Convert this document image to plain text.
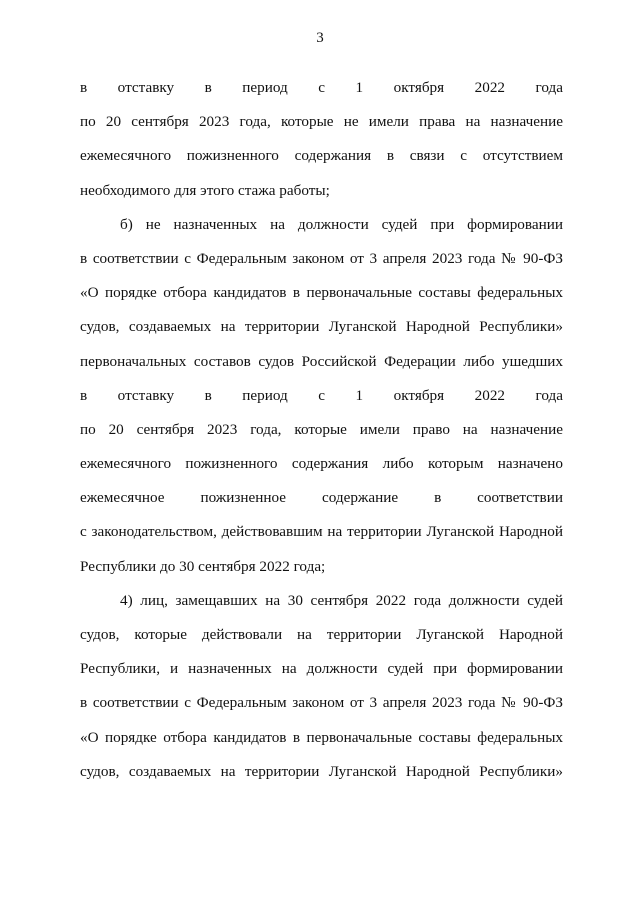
3
в отставку в период с 1 октября 2022 года
по 20 сентября 2023 года, которые не имели права на назначение
ежемесячного пожизненного содержания в связи с отсутствием
необходимого для этого стажа работы;
б) не назначенных на должности судей при формировании
в соответствии с Федеральным законом от 3 апреля 2023 года № 90-ФЗ
«О порядке отбора кандидатов в первоначальные составы федеральных
судов, создаваемых на территории Луганской Народной Республики»
первоначальных составов судов Российской Федерации либо ушедших
в отставку в период с 1 октября 2022 года
по 20 сентября 2023 года, которые имели право на назначение
ежемесячного пожизненного содержания либо которым назначено
ежемесячное пожизненное содержание в соответствии
с законодательством, действовавшим на территории Луганской Народной
Республики до 30 сентября 2022 года;
4) лиц, замещавших на 30 сентября 2022 года должности судей
судов, которые действовали на территории Луганской Народной
Республики, и назначенных на должности судей при формировании
в соответствии с Федеральным законом от 3 апреля 2023 года № 90-ФЗ
«О порядке отбора кандидатов в первоначальные составы федеральных
судов, создаваемых на территории Луганской Народной Республики»
